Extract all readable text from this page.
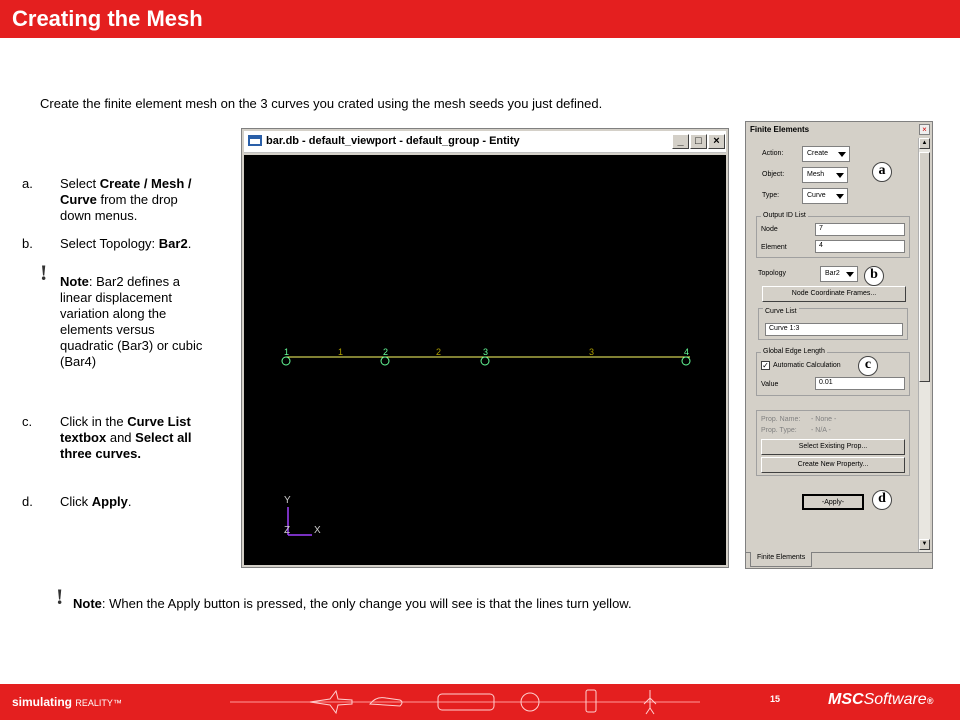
Creating the Mesh
Create the finite element mesh on the 3 curves you crated using the mesh seeds you just defined.
a. Select Create / Mesh /
Curve from the drop
down menus.
b. Select Topology: Bar2.
! Note: Bar2 defines a
linear displacement
variation along the
elements versus
quadratic (Bar3) or cubic
(Bar4)
c. Click in the Curve List
textbox and Select all
three curves.
d. Click Apply.
bar.db - default_viewport - default_group - Entity	_	□	×
1	2	3
1	2	3	4
Y
Z X
Finite Elements	×
▲
▼
Action:	Create
Object:	Mesh
Type:	Curve
Output ID List
Node	7
Element	4
Topology	Bar2
Node Coordinate Frames...
Curve List
Curve 1:3
Global Edge Length
✓ Automatic Calculation
Value	0.01
Prop. Name: - None -
Prop. Type: - N/A -
Select Existing Prop...
Create New Property...
-Apply-
Finite Elements
a
b
c
d
! Note: When the Apply button is pressed, the only change you will see is that the lines turn yellow.
simulating REALITY™	15	MSCSoftware®
